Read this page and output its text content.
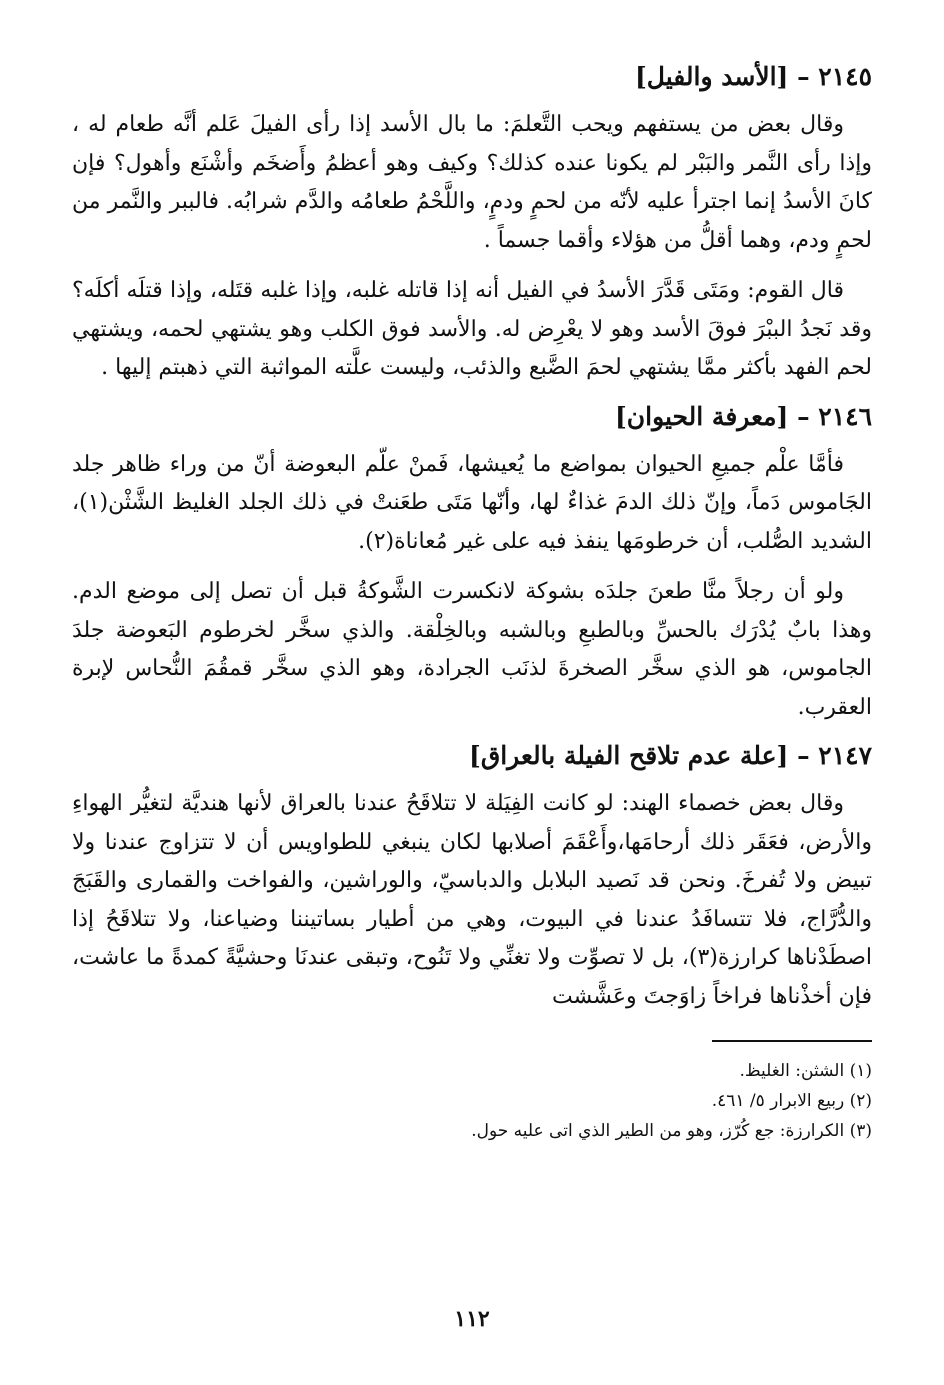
٢١٤٥ – [الأسد والفيل]

وقال بعض من يستفهم ويحب التَّعلمَ: ما بال الأسد إذا رأى الفيلَ عَلم أنَّه طعام له ، وإذا رأى النَّمر والبَبْر لم يكونا عنده كذلك؟ وكيف وهو أعظمُ وأَضخَم وأشْنَع وأهول؟ فإن كانَ الأسدُ إنما اجترأ عليه لأنّه من لحمٍ ودمٍ، واللَّحْمُ طعامُه والدَّم شرابُه. فالببر والنَّمر من لحمٍ ودم، وهما أقلُّ من هؤلاء وأقما جسماً .

قال القوم: ومَتَى قَدَّرَ الأسدُ في الفيل أنه إذا قاتله غلبه، وإذا غلبه قتَله، وإذا قتلَه أكلَه؟ وقد نَجدُ الببْرَ فوقَ الأسد وهو لا يعْرِض له. والأسد فوق الكلب وهو يشتهي لحمه، ويشتهي لحم الفهد بأكثر ممَّا يشتهي لحمَ الضَّبع والذئب، وليست علَّته المواثبة التي ذهبتم إليها .

٢١٤٦ – [معرفة الحيوان]

فأمَّا علْم جميعِ الحيوان بمواضع ما يُعيشها، فَمنْ علّم البعوضة أنّ من وراء ظاهر جلد الجَاموس دَماً، وإنّ ذلك الدمَ غذاءٌ لها، وأنّها مَتَى طعَنتْ في ذلك الجلد الغليظ الشَّثْن(١)، الشديد الصُّلب، أن خرطومَها ينفذ فيه على غير مُعاناة(٢).

ولو أن رجلاً منَّا طعنَ جلدَه بشوكة لانكسرت الشَّوكةُ قبل أن تصل إلى موضع الدم. وهذا بابٌ يُدْرَك بالحسِّ وبالطبعِ وبالشبه وبالخِلْقة. والذي سخَّر لخرطوم البَعوضة جلدَ الجاموس، هو الذي سخَّر الصخرةَ لذنَب الجرادة، وهو الذي سخَّر قمقُمَ النُّحاس لإبرة العقرب.

٢١٤٧ – [علة عدم تلاقح الفيلة بالعراق]

وقال بعض خصماء الهند: لو كانت الفِيَلة لا تتلاقَحُ عندنا بالعراق لأنها هنديَّة لتغيُّر الهواءِ والأرض، فعَقَر ذلك أرحامَها،وأَعْقَمَ أصلابها لكان ينبغي للطواويس أن لا تتزاوج عندنا ولا تبيض ولا تُفرخَ. ونحن قد نَصيد البلابل والدباسيّ، والوراشين، والفواخت والقمارى والقَبَجَ والدُّرَّاج، فلا تتسافَدُ عندنا في البيوت، وهي من أطيار بساتيننا وضياعنا، ولا تتلاقَحُ إذا اصطَدْناها كرارزة(٣)، بل لا تصوِّت ولا تغنِّي ولا تَنُوح، وتبقى عندنَا وحشيَّةً كمدةً ما عاشت، فإن أخذْناها فراخاً زاوَجتَ وعَشَّشت

(١) الشثن: الغليظ.
(٢) ربيع الابرار ٥/ ٤٦١.
(٣) الكرارزة: جع كُرّز، وهو من الطير الذي اتى عليه حول.
١١٢
